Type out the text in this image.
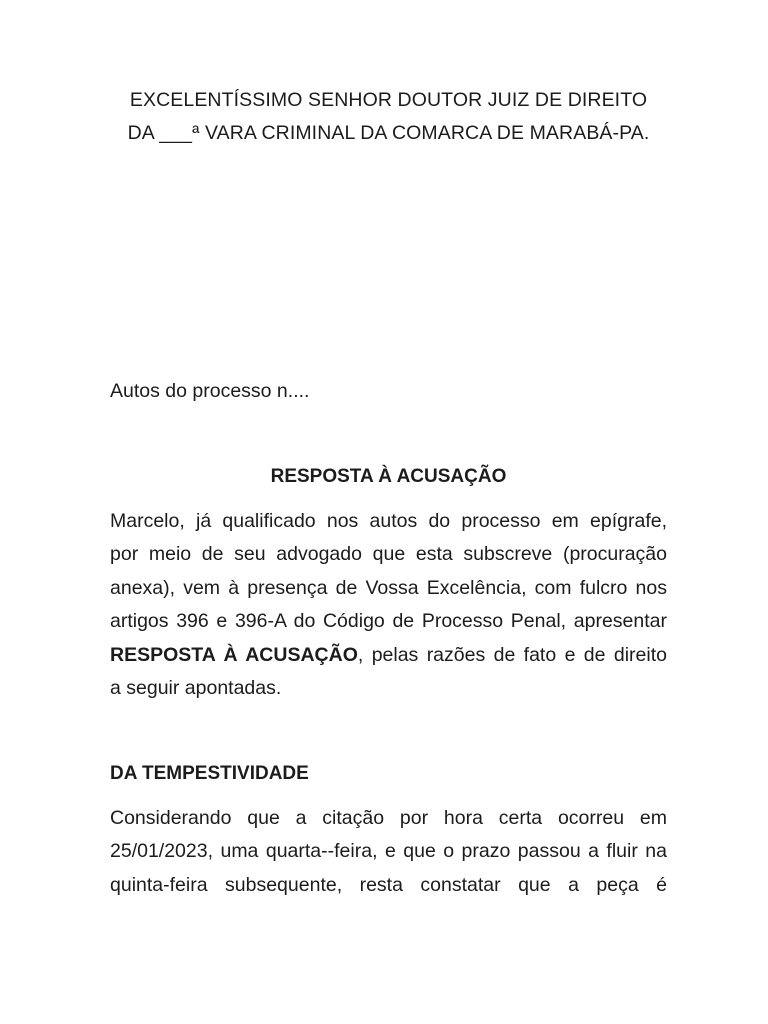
EXCELENTÍSSIMO SENHOR DOUTOR JUIZ DE DIREITO
DA ___ª VARA CRIMINAL DA COMARCA DE MARABÁ-PA.
Autos do processo n....
RESPOSTA À ACUSAÇÃO

Marcelo, já qualificado nos autos do processo em epígrafe,
por meio de seu advogado que esta subscreve (procuração
anexa), vem à presença de Vossa Excelência, com fulcro nos
artigos 396 e 396-A do Código de Processo Penal, apresentar
RESPOSTA À ACUSAÇÃO, pelas razões de fato e de direito
a seguir apontadas.

DA TEMPESTIVIDADE

Considerando que a citação por hora certa ocorreu em
25/01/2023, uma quarta--feira, e que o prazo passou a fluir na
quinta-feira subsequente, resta constatar que a peça é
